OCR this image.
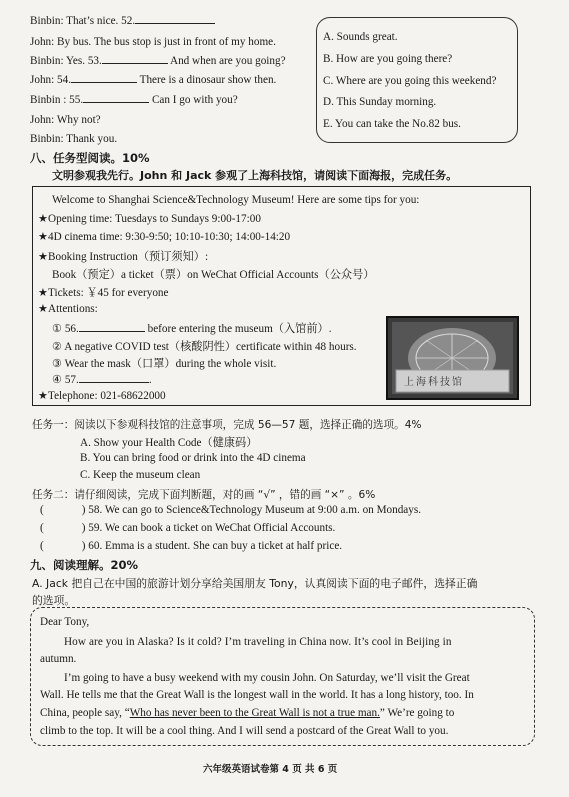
Binbin: That’s nice. 52.
John: By bus. The bus stop is just in front of my home.
Binbin: Yes. 53.	And when are you going?
John: 54.	There is a dinosaur show then.
Binbin : 55.	Can I go with you?
John: Why not?
Binbin: Thank you.
A. Sounds great.
B. How are you going there?
C. Where are you going this weekend?
D. This Sunday morning.
E. You can take the No.82 bus.
八、任务型阅读。10%
文明参观我先行。John 和 Jack 参观了上海科技馆，请阅读下面海报，完成任务。
Welcome to Shanghai Science&Technology Museum! Here are some tips for you:
★Opening time: Tuesdays to Sundays 9:00-17:00
★4D cinema time: 9:30-9:50; 10:10-10:30; 14:00-14:20
★Booking Instruction（预订须知）:
Book（预定）a ticket（票）on WeChat Official Accounts（公众号）
★Tickets: ￥45 for everyone
★Attentions:
① 56.	before entering the museum（入馆前）.
② A negative COVID test（核酸阴性）certificate within 48 hours.
③ Wear the mask（口罩）during the whole visit.
④ 57.	.
★Telephone: 021-68622000
上海科技馆
任务一：阅读以下参观科技馆的注意事项，完成 56—57 题，选择正确的选项。4%
A. Show your Health Code（健康码）
B. You can bring food or drink into the 4D cinema
C. Keep the museum clean
任务二：请仔细阅读，完成下面判断题，对的画 “√” ，错的画 “×” 。6%
(	) 58. We can go to Science&Technology Museum at 9:00 a.m. on Mondays.
(	) 59. We can book a ticket on WeChat Official Accounts.
(	) 60. Emma is a student. She can buy a ticket at half price.
九、阅读理解。20%
A. Jack 把自己在中国的旅游计划分享给美国朋友 Tony，认真阅读下面的电子邮件，选择正确
的选项。
Dear Tony,
How are you in Alaska? Is it cold? I’m traveling in China now. It’s cool in Beijing in
autumn.
I’m going to have a busy weekend with my cousin John. On Saturday, we’ll visit the Great
Wall. He tells me that the Great Wall is the longest wall in the world. It has a long history, too. In
China, people say, “Who has never been to the Great Wall is not a true man.” We’re going to
climb to the top. It will be a cool thing. And I will send a postcard of the Great Wall to you.
六年级英语试卷第 4 页 共 6 页
